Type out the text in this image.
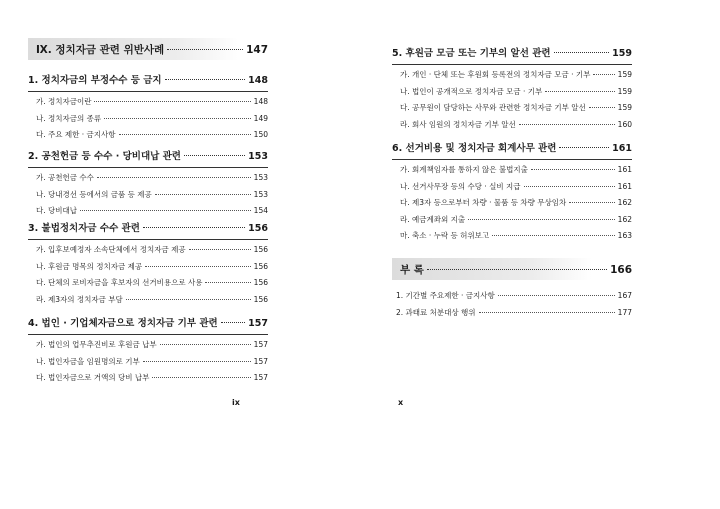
Ⅸ. 정치자금 관련 위반사례	147
1. 정치자금의 부정수수 등 금지	148
가. 정치자금이란	148
나. 정치자금의 종류	149
다. 주요 제한 · 금지사항	150
2. 공천헌금 등 수수 · 당비대납 관련	153
가. 공천헌금 수수	153
나. 당내경선 등에서의 금품 등 제공	153
다. 당비대납	154
3. 불법정치자금 수수 관련	156
가. 입후보예정자 소속단체에서 정치자금 제공	156
나. 후원금 명목의 정치자금 제공	156
다. 단체의 로비자금을 후보자의 선거비용으로 사용	156
라. 제3자의 정치자금 부담	156
4. 법인 · 기업체자금으로 정치자금 기부 관련	157
가. 법인의 업무추진비로 후원금 납부	157
나. 법인자금을 임원명의로 기부	157
다. 법인자금으로 거액의 당비 납부	157
ix
5. 후원금 모금 또는 기부의 알선 관련	159
가. 개인 · 단체 또는 후원회 등록전의 정치자금 모금 · 기부	159
나. 법인이 공개적으로 정치자금 모금 · 기부	159
다. 공무원이 담당하는 사무와 관련한 정치자금 기부 알선	159
라. 회사 임원의 정치자금 기부 알선	160
6. 선거비용 및 정치자금 회계사무 관련	161
가. 회계책임자를 통하지 않은 불법지출	161
나. 선거사무장 등의 수당 · 실비 지급	161
다. 제3자 등으로부터 차량 · 물품 등 차량 무상임차	162
라. 예금계좌외 지출	162
마. 축소 · 누락 등 허위보고	163
부 록	166
1. 기간별 주요제한 · 금지사항	167
2. 과태료 처분대상 행위	177
x
